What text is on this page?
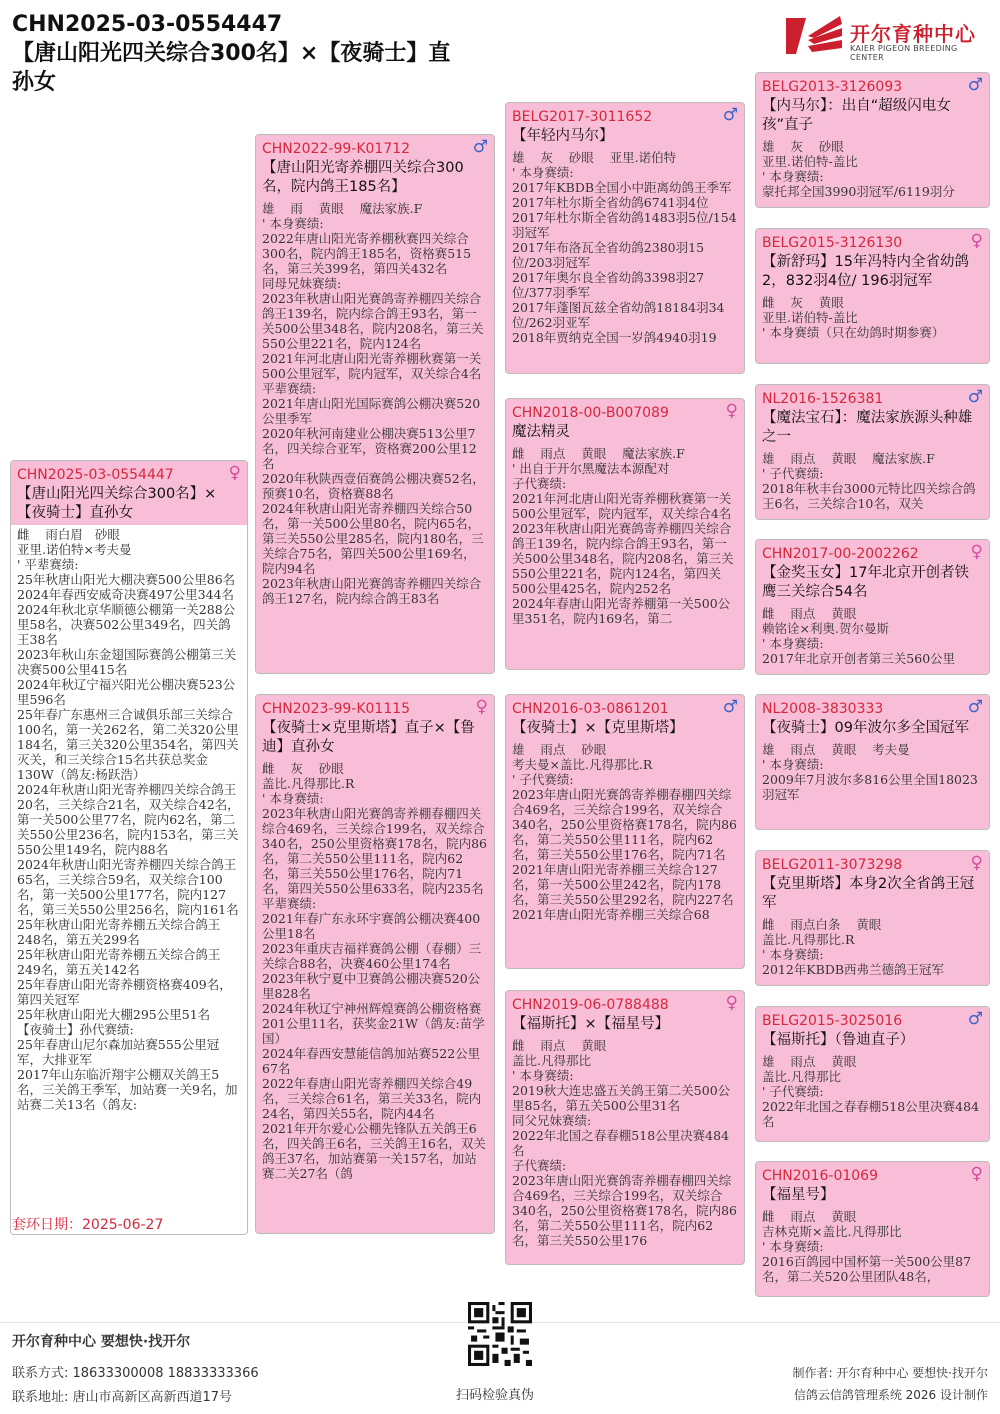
CHN2025-03-0554447
【唐山阳光四关综合300名】×【夜骑士】直
孙女
开尔育种中心
KAIER PIGEON BREEDING CENTER
CHN2025-03-0554447	♀
【唐山阳光四关综合300名】×【夜骑士】直孙女
雌    雨白眉   砂眼
亚里.诺伯特×考夫曼
' 平辈赛绩:
25年秋唐山阳光大棚决赛500公里86名
2024年春西安威奇决赛497公里344名
2024年秋北京华顺德公棚第一关288公里58名，决赛502公里349名，四关鸽王38名
2023年秋山东金翅国际赛鸽公棚第三关决赛500公里415名
2024年秋辽宁福兴阳光公棚决赛523公里596名
25年春广东惠州三合诚俱乐部三关综合100名，第一关262名，第二关320公里184名，第三关320公里354名，第四关灭关，和三关综合15名共获总奖金130W（鸽友:杨跃浩）
2024年秋唐山阳光寄养棚四关综合鸽王20名，三关综合21名，双关综合42名，第一关500公里77名，院内62名，第二关550公里236名，院内153名，第三关550公里149名，院内88名
2024年秋唐山阳光寄养棚四关综合鸽王65名，三关综合59名，双关综合100名，第一关500公里177名，院内127名，第三关550公里256名，院内161名
25年秋唐山阳光寄养棚五关综合鸽王248名，第五关299名
25年秋唐山阳光寄养棚五关综合鸽王249名，第五关142名
25年春唐山阳光寄养棚资格赛409名，第四关冠军
25年秋唐山阳光大棚295公里51名
【夜骑士】孙代赛绩:
25年春唐山尼尔森加站赛555公里冠军，大排亚军
2017年山东临沂翔宇公棚双关鸽王5名，三关鸽王季军，加站赛一关9名，加站赛二关13名（鸽友:
套环日期：2025-06-27
CHN2022-99-K01712	♂
【唐山阳光寄养棚四关综合300名，院内鸽王185名】
雄    雨    黄眼    魔法家族.F
' 本身赛绩:
2022年唐山阳光寄养棚秋赛四关综合300名，院内鸽王185名，资格赛515名，第三关399名，第四关432名
同母兄妹赛绩:
2023年秋唐山阳光赛鸽寄养棚四关综合鸽王139名，院内综合鸽王93名，第一关500公里348名，院内208名，第三关550公里221名，院内124名
2021年河北唐山阳光寄养棚秋赛第一关500公里冠军，院内冠军，双关综合4名
平辈赛绩:
2021年唐山阳光国际赛鸽公棚决赛520公里季军
2020年秋河南建业公棚决赛513公里7名，四关综合亚军，资格赛200公里12名
2020年秋陕西壹佰赛鸽公棚决赛52名，预赛10名，资格赛88名
2024年秋唐山阳光寄养棚四关综合50名，第一关500公里80名，院内65名，第三关550公里285名，院内180名，三关综合75名，第四关500公里169名，院内94名
2023年秋唐山阳光赛鸽寄养棚四关综合鸽王127名，院内综合鸽王83名
CHN2023-99-K01115	♀
【夜骑士×克里斯塔】直子×【鲁迪】直孙女
雌    灰    砂眼
盖比.凡得那比.R
' 本身赛绩:
2023年秋唐山阳光赛鸽寄养棚春棚四关综合469名，三关综合199名，双关综合340名，250公里资格赛178名，院内86名，第二关550公里111名，院内62名，第三关550公里176名，院内71名，第四关550公里633名，院内235名
平辈赛绩:
2021年春广东永环宇赛鸽公棚决赛400公里18名
2023年重庆吉福祥赛鸽公棚（春棚）三关综合88名，决赛460公里174名
2023年秋宁夏中卫赛鸽公棚决赛520公里828名
2024年秋辽宁神州辉煌赛鸽公棚资格赛201公里11名，获奖金21W（鸽友:苗学国）
2024年春西安慧能信鸽加站赛522公里67名
2022年春唐山阳光寄养棚四关综合49名，三关综合61名，第三关33名，院内24名，第四关55名，院内44名
2021年开尔爱心公棚先锋队五关鸽王6名，四关鸽王6名，三关鸽王16名，双关鸽王37名，加站赛第一关157名，加站赛二关27名（鸽
BELG2017-3011652	♂
【年轻内马尔】
雄    灰    砂眼    亚里.诺伯特
' 本身赛绩:
2017年KBDB全国小中距离幼鸽王季军
2017年杜尔斯全省幼鸽6741羽4位
2017年杜尔斯全省幼鸽1483羽5位/154羽冠军
2017年布洛瓦全省幼鸽2380羽15位/203羽冠军
2017年奥尔良全省幼鸽3398羽27位/377羽季军
2017年蓬图瓦兹全省幼鸽18184羽34位/262羽亚军
2018年贾纳克全国一岁鸽4940羽19
CHN2018-00-B007089	♀
魔法精灵
雌    雨点    黄眼    魔法家族.F
' 出自于开尔黑魔法本源配对
子代赛绩:
2021年河北唐山阳光寄养棚秋赛第一关500公里冠军，院内冠军，双关综合4名
2023年秋唐山阳光赛鸽寄养棚四关综合鸽王139名，院内综合鸽王93名，第一关500公里348名，院内208名，第三关550公里221名，院内124名，第四关500公里425名，院内252名
2024年春唐山阳光寄养棚第一关500公里351名，院内169名，第二
CHN2016-03-0861201	♂
【夜骑士】×【克里斯塔】
雄    雨点    砂眼
考夫曼×盖比.凡得那比.R
' 子代赛绩:
2023年唐山阳光赛鸽寄养棚春棚四关综合469名，三关综合199名，双关综合340名，250公里资格赛178名，院内86名，第二关550公里111名，院内62名，第三关550公里176名，院内71名
2021年唐山阳光寄养棚三关综合127名，第一关500公里242名，院内178名，第三关550公里292名，院内227名
2021年唐山阳光寄养棚三关综合68
CHN2019-06-0788488	♀
【福斯托】×【福星号】
雌    雨点    黄眼
盖比.凡得那比
' 本身赛绩:
2019秋大连忠盛五关鸽王第二关500公里85名，第五关500公里31名
同父兄妹赛绩:
2022年北国之春春棚518公里决赛484名
子代赛绩:
2023年唐山阳光赛鸽寄养棚春棚四关综合469名，三关综合199名，双关综合340名，250公里资格赛178名，院内86名，第二关550公里111名，院内62名，第三关550公里176
BELG2013-3126093	♂
【内马尔】：出自“超级闪电女孩”直子
雄    灰    砂眼
亚里.诺伯特-盖比
' 本身赛绩:
蒙托邦全国3990羽冠军/6119羽分
BELG2015-3126130	♀
【新舒玛】15年冯特内全省幼鸽2，832羽4位/ 196羽冠军
雌    灰    黄眼
亚里.诺伯特-盖比
' 本身赛绩（只在幼鸽时期参赛）
NL2016-1526381	♂
【魔法宝石】：魔法家族源头种雄之一
雄    雨点    黄眼    魔法家族.F
' 子代赛绩:
2018年秋丰台3000元特比四关综合鸽王6名，三关综合10名，双关
CHN2017-00-2002262	♀
【金奖玉女】17年北京开创者铁鹰三关综合54名
雌    雨点    黄眼
赖铭诠×利奥.贺尔曼斯
' 本身赛绩:
2017年北京开创者第三关560公里
NL2008-3830333	♂
【夜骑士】09年波尔多全国冠军
雄    雨点    黄眼    考夫曼
' 本身赛绩:
2009年7月波尔多816公里全国18023羽冠军
BELG2011-3073298	♀
【克里斯塔】本身2次全省鸽王冠军
雌    雨点白条    黄眼
盖比.凡得那比.R
' 本身赛绩:
2012年KBDB西弗兰德鸽王冠军
BELG2015-3025016	♂
【福斯托】（鲁迪直子）
雄    雨点    黄眼
盖比.凡得那比
' 子代赛绩:
2022年北国之春春棚518公里决赛484名
CHN2016-01069	♀
【福星号】
雌    雨点    黄眼
吉林克斯×盖比.凡得那比
' 本身赛绩:
2016百鸽园中国杯第一关500公里87名，第二关520公里团队48名，
开尔育种中心 要想快·找开尔
联系方式: 18633300008 18833333366
联系地址: 唐山市高新区高新西道17号	扫码检验真伪
制作者: 开尔育种中心 要想快·找开尔
信鸽云信鸽管理系统 2026 设计制作
